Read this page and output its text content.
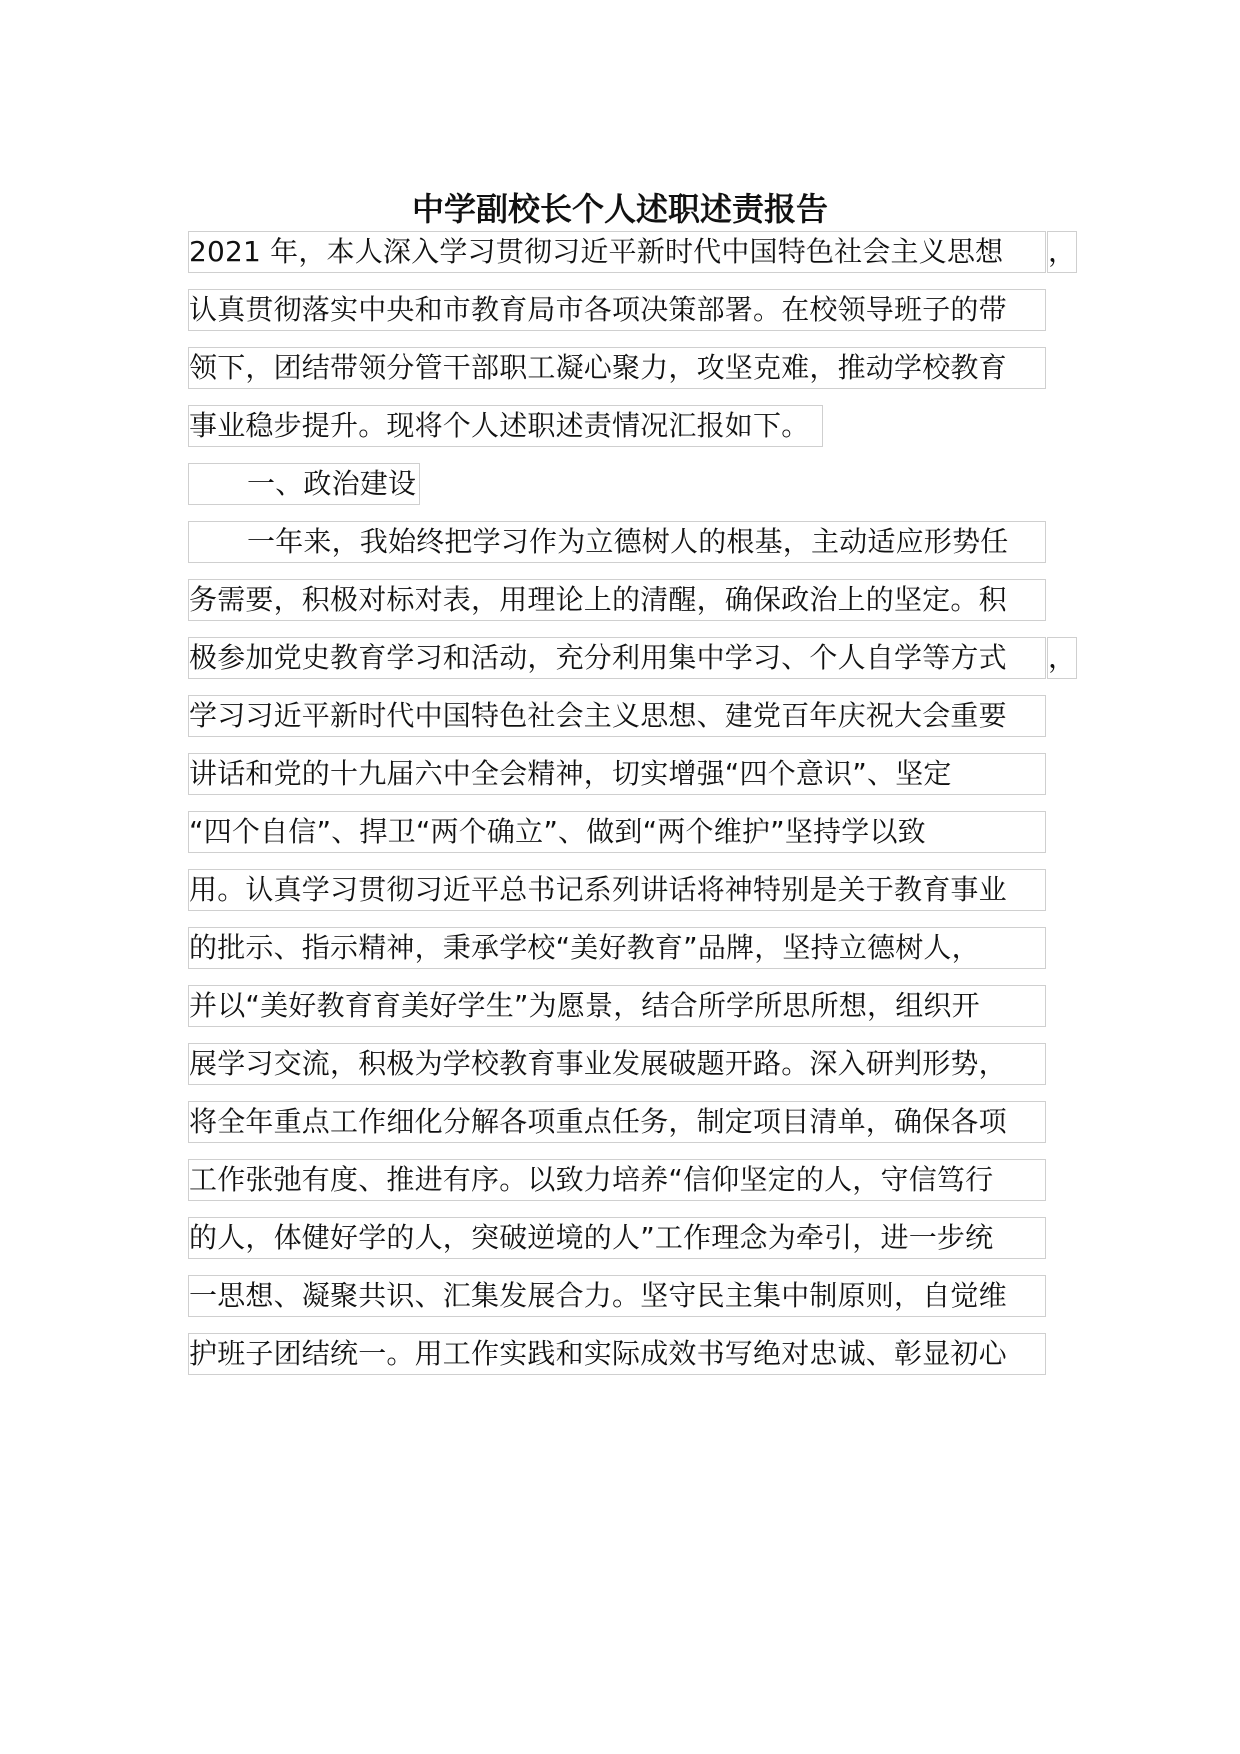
中学副校长个人述职述责报告
2021 年，本人深入学习贯彻习近平新时代中国特色社会主义思想	，
认真贯彻落实中央和市教育局市各项决策部署。在校领导班子的带
领下，团结带领分管干部职工凝心聚力，攻坚克难，推动学校教育
事业稳步提升。现将个人述职述责情况汇报如下。
一、政治建设
一年来，我始终把学习作为立德树人的根基，主动适应形势任
务需要，积极对标对表，用理论上的清醒，确保政治上的坚定。积
极参加党史教育学习和活动，充分利用集中学习、个人自学等方式	，
学习习近平新时代中国特色社会主义思想、建党百年庆祝大会重要
讲话和党的十九届六中全会精神，切实增强“四个意识”、坚定
“四个自信”、捍卫“两个确立”、做到“两个维护”坚持学以致
用。认真学习贯彻习近平总书记系列讲话将神特别是关于教育事业
的批示、指示精神，秉承学校“美好教育”品牌，坚持立德树人，
并以“美好教育育美好学生”为愿景，结合所学所思所想，组织开
展学习交流，积极为学校教育事业发展破题开路。深入研判形势，
将全年重点工作细化分解各项重点任务，制定项目清单，确保各项
工作张弛有度、推进有序。以致力培养“信仰坚定的人，守信笃行
的人，体健好学的人，突破逆境的人”工作理念为牵引，进一步统
一思想、凝聚共识、汇集发展合力。坚守民主集中制原则，自觉维
护班子团结统一。用工作实践和实际成效书写绝对忠诚、彰显初心
